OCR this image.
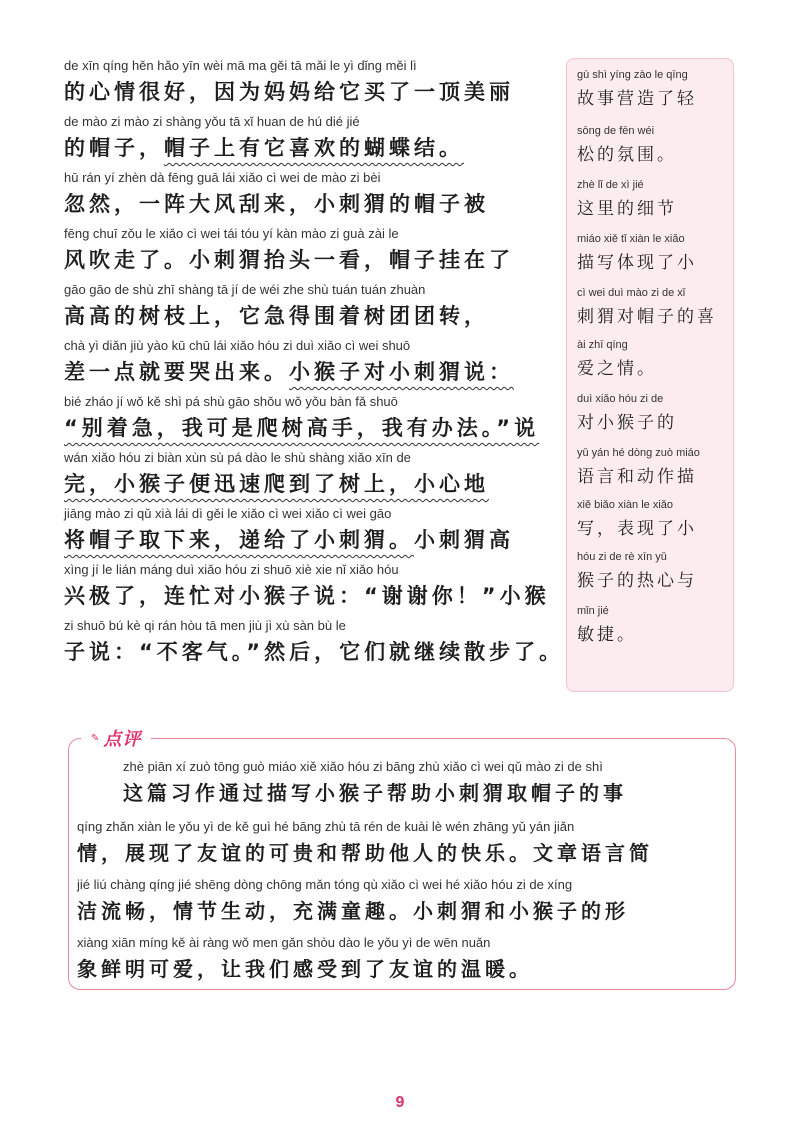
de xīn qíng hěn hǎo yīn wèi mā ma gěi tā mǎi le yì dǐng měi lì
的心情很好，因为妈妈给它买了一顶美丽
de mào zi mào zi shàng yǒu tā xǐ huan de hú dié jié
的帽子，帽子上有它喜欢的蝴蝶结。
hū rán yí zhèn dà fēng guā lái xiǎo cì wei de mào zi bèi
忽然，一阵大风刮来，小刺猬的帽子被
fēng chuī zǒu le xiǎo cì wei tái tóu yí kàn mào zi guà zài le
风吹走了。小刺猬抬头一看，帽子挂在了
gāo gāo de shù zhī shàng tā jí de wéi zhe shù tuán tuán zhuàn
高高的树枝上，它急得围着树团团转，
chà yì diǎn jiù yào kū chū lái xiǎo hóu zi duì xiǎo cì wei shuō
差一点就要哭出来。小猴子对小刺猬说：
bié zháo jí wǒ kě shì pá shù gāo shǒu wǒ yǒu bàn fǎ shuō
“别着急，我可是爬树高手，我有办法。”说
wán xiǎo hóu zi biàn xùn sù pá dào le shù shàng xiǎo xīn de
完，小猴子便迅速爬到了树上，小心地
jiāng mào zi qǔ xià lái dì gěi le xiǎo cì wei xiǎo cì wei gāo
将帽子取下来，递给了小刺猬。小刺猬高
xìng jí le lián máng duì xiǎo hóu zi shuō xiè xie nǐ xiǎo hóu
兴极了，连忙对小猴子说：“谢谢你！”小猴
zi shuō bú kè qi rán hòu tā men jiù jì xù sàn bù le
子说：“不客气。”然后，它们就继续散步了。
gù shì yíng zào le qīng
故事营造了轻
sōng de fēn wéi
松的氛围。
zhè lǐ de xì jié
这里的细节
miáo xiě tǐ xiàn le xiǎo
描写体现了小
cì wei duì mào zi de xǐ
刺猬对帽子的喜
ài zhī qíng
爱之情。
duì xiǎo hóu zi de
对小猴子的
yǔ yán hé dòng zuò miáo
语言和动作描
xiě biǎo xiàn le xiǎo
写，表现了小
hóu zi de rè xīn yǔ
猴子的热心与
mǐn jié
敏捷。
✎ 点评
zhè piān xí zuò tōng guò miáo xiě xiǎo hóu zi bāng zhù xiǎo cì wei qǔ mào zi de shì
这篇习作通过描写小猴子帮助小刺猬取帽子的事
qíng zhǎn xiàn le yǒu yì de kě guì hé bāng zhù tā rén de kuài lè wén zhāng yǔ yán jiǎn
情，展现了友谊的可贵和帮助他人的快乐。文章语言简
jié liú chàng qíng jié shēng dòng chōng mǎn tóng qù xiǎo cì wei hé xiǎo hóu zi de xíng
洁流畅，情节生动，充满童趣。小刺猬和小猴子的形
xiàng xiān míng kě ài ràng wǒ men gǎn shòu dào le yǒu yì de wēn nuǎn
象鲜明可爱，让我们感受到了友谊的温暖。
9
